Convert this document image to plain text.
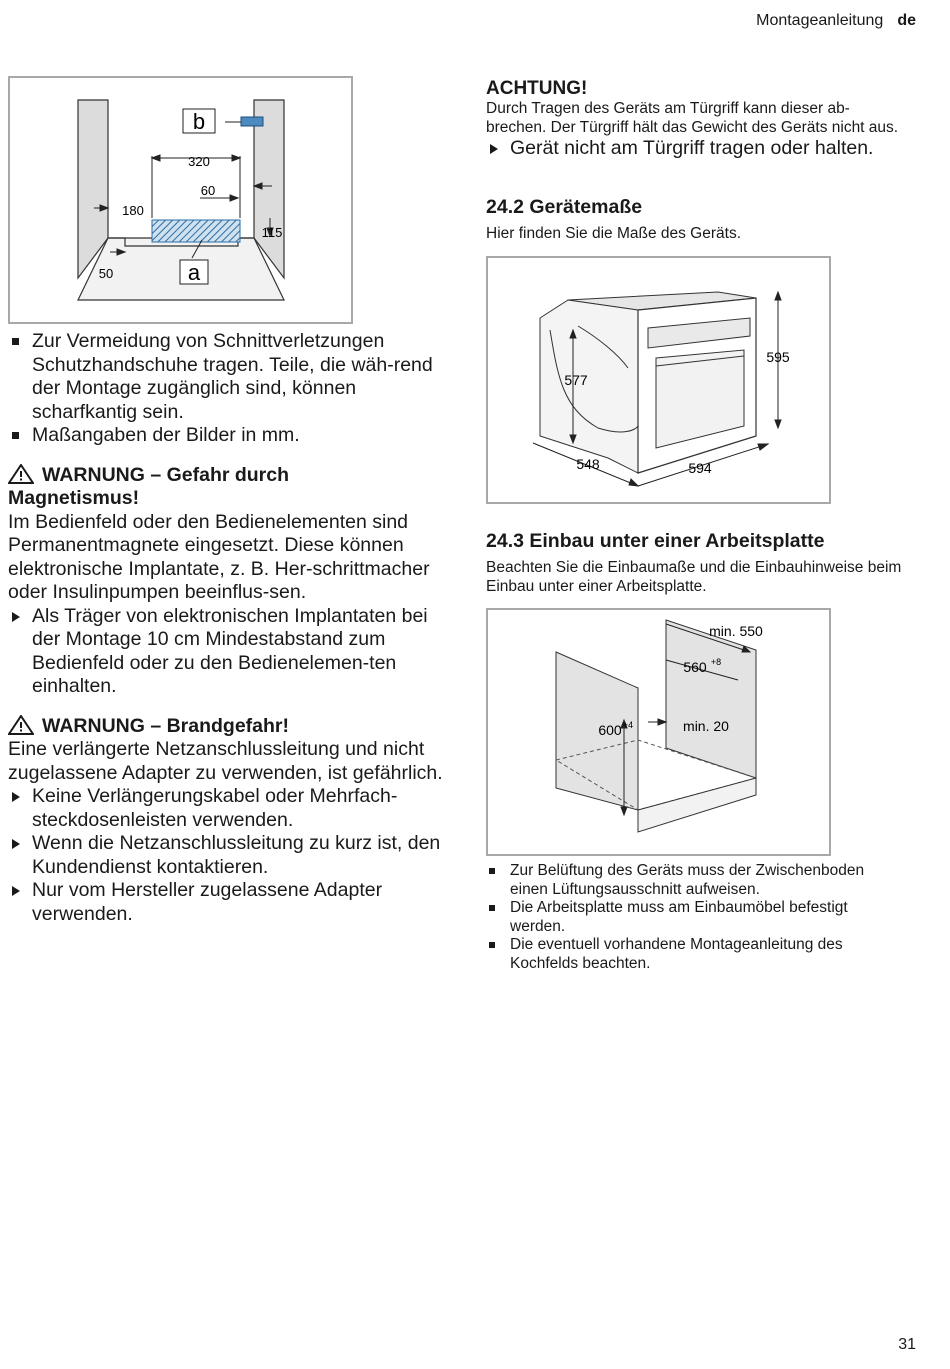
Montageanleitung de
b
a
320
60
180
115
50
Zur Vermeidung von Schnittverletzungen Schutzhandschuhe tragen. Teile, die wäh-rend der Montage zugänglich sind, können scharfkantig sein.
Maßangaben der Bilder in mm.
WARNUNG – Gefahr durch
Magnetismus!
Im Bedienfeld oder den Bedienelementen sind Permanentmagnete eingesetzt. Diese können elektronische Implantate, z. B. Her-schrittmacher oder Insulinpumpen beeinflus-sen.
Als Träger von elektronischen Implantaten bei der Montage 10 cm Mindestabstand zum Bedienfeld oder zu den Bedienelemen-ten einhalten.
WARNUNG – Brandgefahr!
Eine verlängerte Netzanschlussleitung und nicht zugelassene Adapter zu verwenden, ist gefährlich.
Keine Verlängerungskabel oder Mehrfach-steckdosenleisten verwenden.
Wenn die Netzanschlussleitung zu kurz ist, den Kundendienst kontaktieren.
Nur vom Hersteller zugelassene Adapter verwenden.
ACHTUNG!
Durch Tragen des Geräts am Türgriff kann dieser ab-brechen. Der Türgriff hält das Gewicht des Geräts nicht aus.
Gerät nicht am Türgriff tragen oder halten.
24.2 Gerätemaße
Hier finden Sie die Maße des Geräts.
577
595
548	594
24.3 Einbau unter einer Arbeitsplatte
Beachten Sie die Einbaumaße und die Einbauhinweise beim Einbau unter einer Arbeitsplatte.
min. 550
560 +8
600 +4	min. 20
Zur Belüftung des Geräts muss der Zwischenboden einen Lüftungsausschnitt aufweisen.
Die Arbeitsplatte muss am Einbaumöbel befestigt werden.
Die eventuell vorhandene Montageanleitung des Kochfelds beachten.
31
